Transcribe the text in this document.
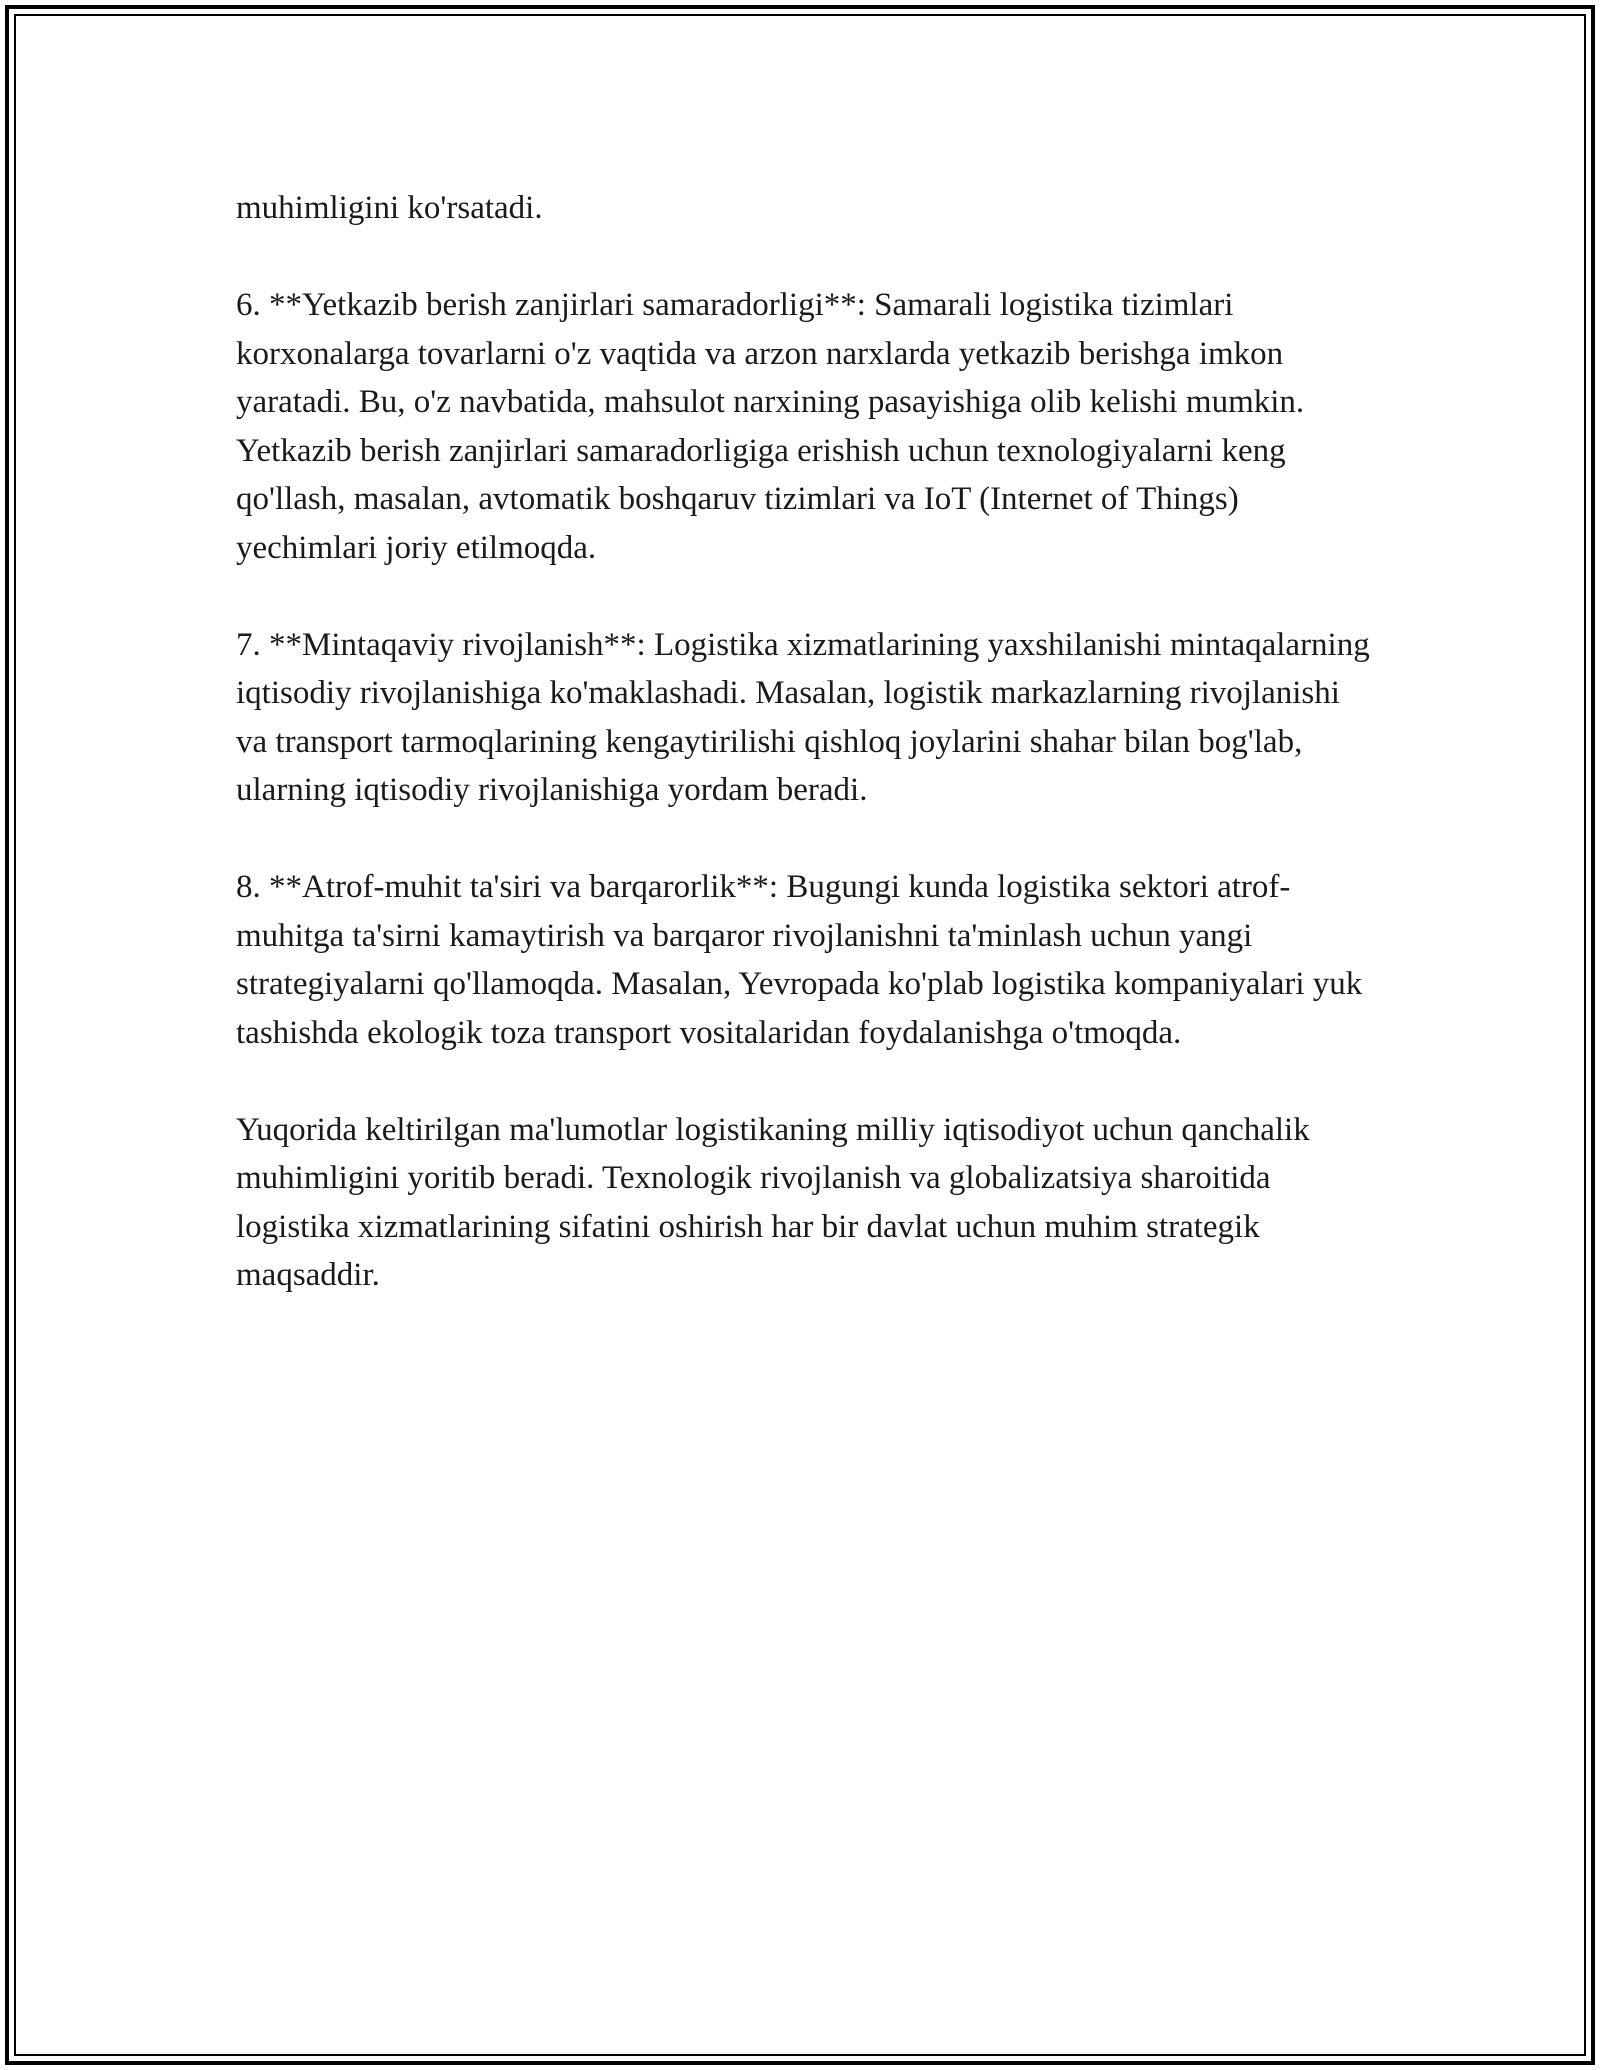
muhimligini ko'rsatadi.

6. **Yetkazib berish zanjirlari samaradorligi**: Samarali logistika tizimlari korxonalarga tovarlarni o'z vaqtida va arzon narxlarda yetkazib berishga imkon yaratadi. Bu, o'z navbatida, mahsulot narxining pasayishiga olib kelishi mumkin. Yetkazib berish zanjirlari samaradorligiga erishish uchun texnologiyalarni keng qo'llash, masalan, avtomatik boshqaruv tizimlari va IoT (Internet of Things) yechimlari joriy etilmoqda.

7. **Mintaqaviy rivojlanish**: Logistika xizmatlarining yaxshilanishi mintaqalarning iqtisodiy rivojlanishiga ko'maklashadi. Masalan, logistik markazlarning rivojlanishi va transport tarmoqlarining kengaytirilishi qishloq joylarini shahar bilan bog'lab, ularning iqtisodiy rivojlanishiga yordam beradi.

8. **Atrof-muhit ta'siri va barqarorlik**: Bugungi kunda logistika sektori atrof-muhitga ta'sirni kamaytirish va barqaror rivojlanishni ta'minlash uchun yangi strategiyalarni qo'llamoqda. Masalan, Yevropada ko'plab logistika kompaniyalari yuk tashishda ekologik toza transport vositalaridan foydalanishga o'tmoqda.

Yuqorida keltirilgan ma'lumotlar logistikaning milliy iqtisodiyot uchun qanchalik muhimligini yoritib beradi. Texnologik rivojlanish va globalizatsiya sharoitida logistika xizmatlarining sifatini oshirish har bir davlat uchun muhim strategik maqsaddir.
